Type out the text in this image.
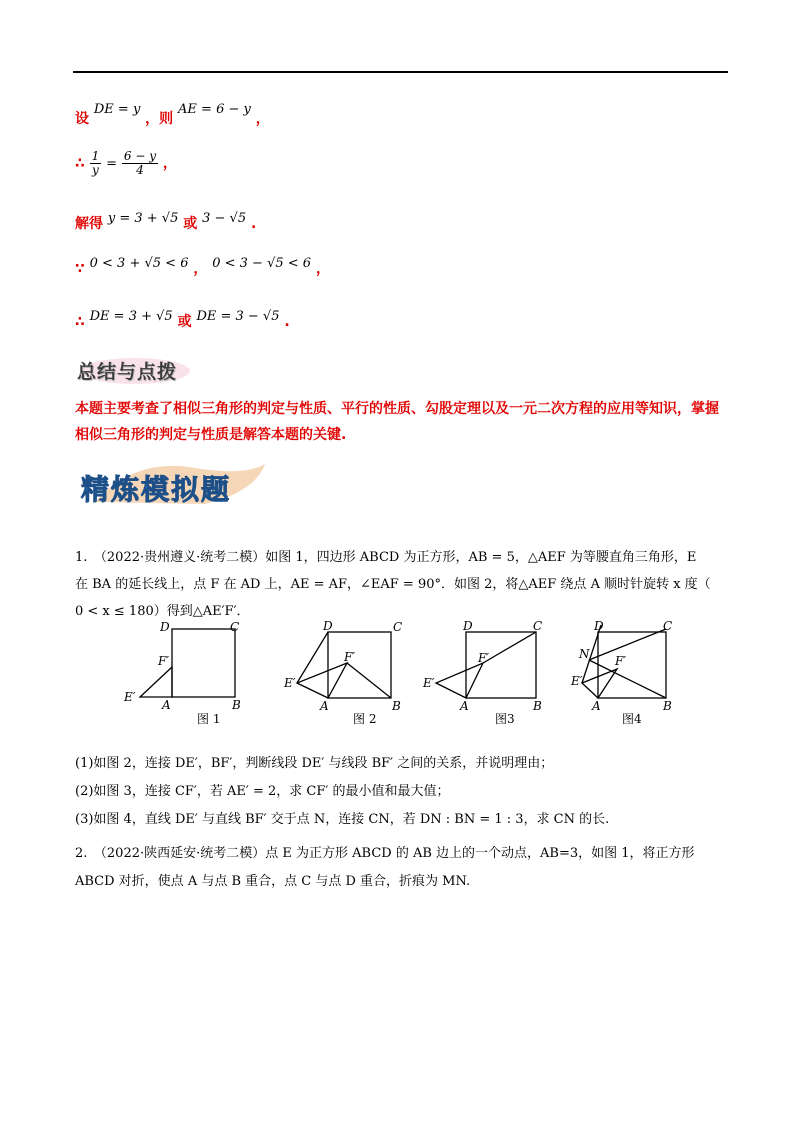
设 DE = y ，则 AE = 6 − y ，
∴ $\frac{1}{y} = \frac{6 - y}{4}$ ，
解得 y = 3 + √5 或 3 − √5 .
∵ 0 < 3 + √5 < 6 ， 0 < 3 − √5 < 6 ，
∴ DE = 3 + √5 或 DE = 3 − √5 .
总结与点拨
本题主要考查了相似三角形的判定与性质、平行的性质、勾股定理以及一元二次方程的应用等知识，掌握
相似三角形的判定与性质是解答本题的关键.
精炼模拟题
1.　（2022·贵州遵义·统考二模）如图 1，四边形 ABCD 为正方形，AB = 5，△AEF 为等腰直角三角形，E
在 BA 的延长线上，点 F 在 AD 上，AE = AF，∠EAF = 90°．如图 2，将△AEF 绕点 A 顺时针旋转 x 度（
0 < x ≤ 180）得到△AE′F′．
D	C
F′
E′
A	B
D	C
F′
E′
A	B
D	C
F′
E′
A	B
D	C
N F′
E′
A	B
图 1	图 2	图3	图4
(1)如图 2，连接 DE′，BF′，判断线段 DE′ 与线段 BF′ 之间的关系，并说明理由；
(2)如图 3，连接 CF′，若 AE′ = 2，求 CF′ 的最小值和最大值；
(3)如图 4，直线 DE′ 与直线 BF′ 交于点 N，连接 CN，若 DN : BN = 1 : 3，求 CN 的长.
2.　（2022·陕西延安·统考二模）点 E 为正方形 ABCD 的 AB 边上的一个动点，AB=3，如图 1，将正方形
ABCD 对折，使点 A 与点 B 重合，点 C 与点 D 重合，折痕为 MN.
